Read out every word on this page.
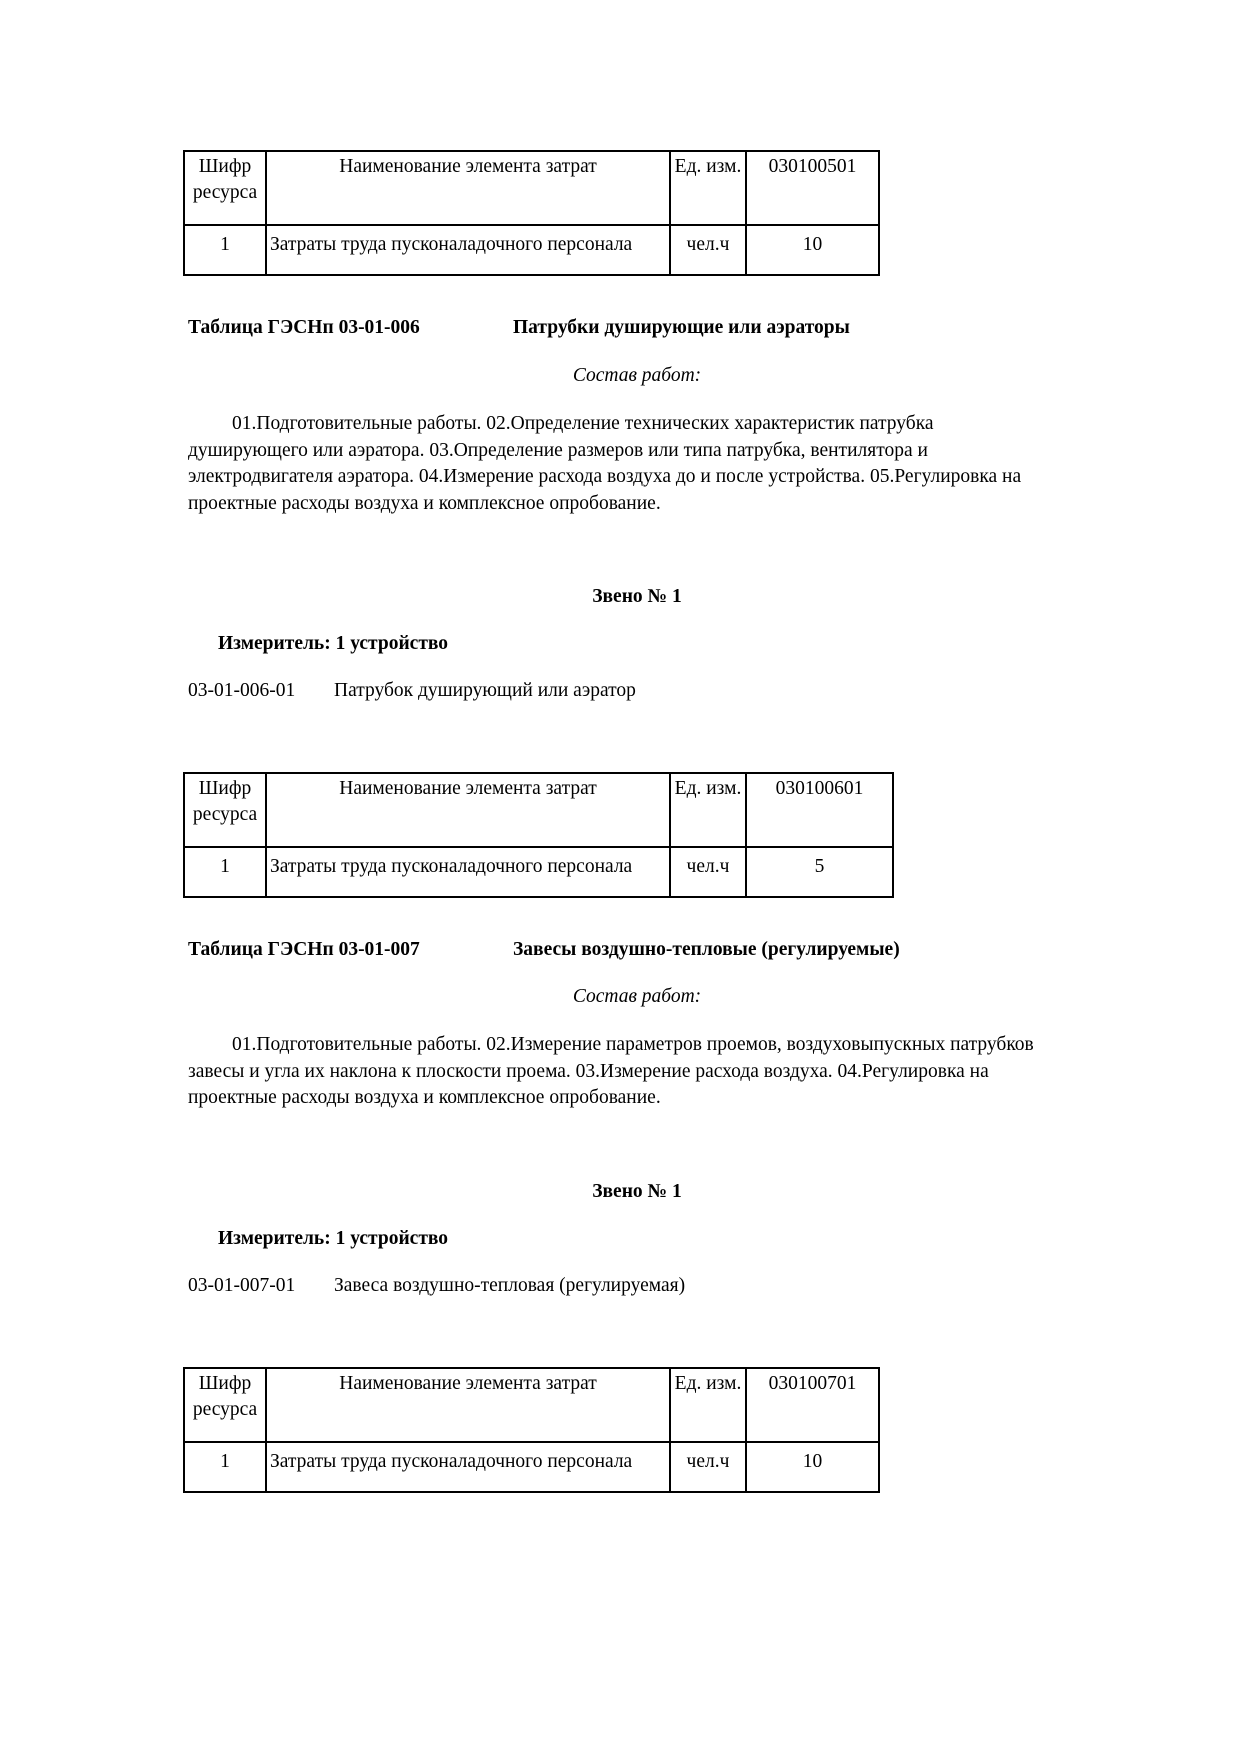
Шифр ресурса	Наименование элемента затрат	Ед. изм.	030100501
1	Затраты труда пусконаладочного персонала	чел.ч	10
Таблица ГЭСНп 03-01-006	Патрубки душирующие или аэраторы
Состав работ:
01.Подготовительные работы. 02.Определение технических характеристик патрубка душирующего или аэратора. 03.Определение размеров или типа патрубка, вентилятора и электродвигателя аэратора. 04.Измерение расхода воздуха до и после устройства. 05.Регулировка на проектные расходы воздуха и комплексное опробование.
Звено № 1
Измеритель: 1 устройство
03-01-006-01 Патрубок душирующий или аэратор
Шифр ресурса	Наименование элемента затрат	Ед. изм.	030100601
1	Затраты труда пусконаладочного персонала	чел.ч	5
Таблица ГЭСНп 03-01-007	Завесы воздушно-тепловые (регулируемые)
Состав работ:
01.Подготовительные работы. 02.Измерение параметров проемов, воздуховыпускных патрубков завесы и угла их наклона к плоскости проема. 03.Измерение расхода воздуха. 04.Регулировка на проектные расходы воздуха и комплексное опробование.
Звено № 1
Измеритель: 1 устройство
03-01-007-01 Завеса воздушно-тепловая (регулируемая)
Шифр ресурса	Наименование элемента затрат	Ед. изм.	030100701
1	Затраты труда пусконаладочного персонала	чел.ч	10
